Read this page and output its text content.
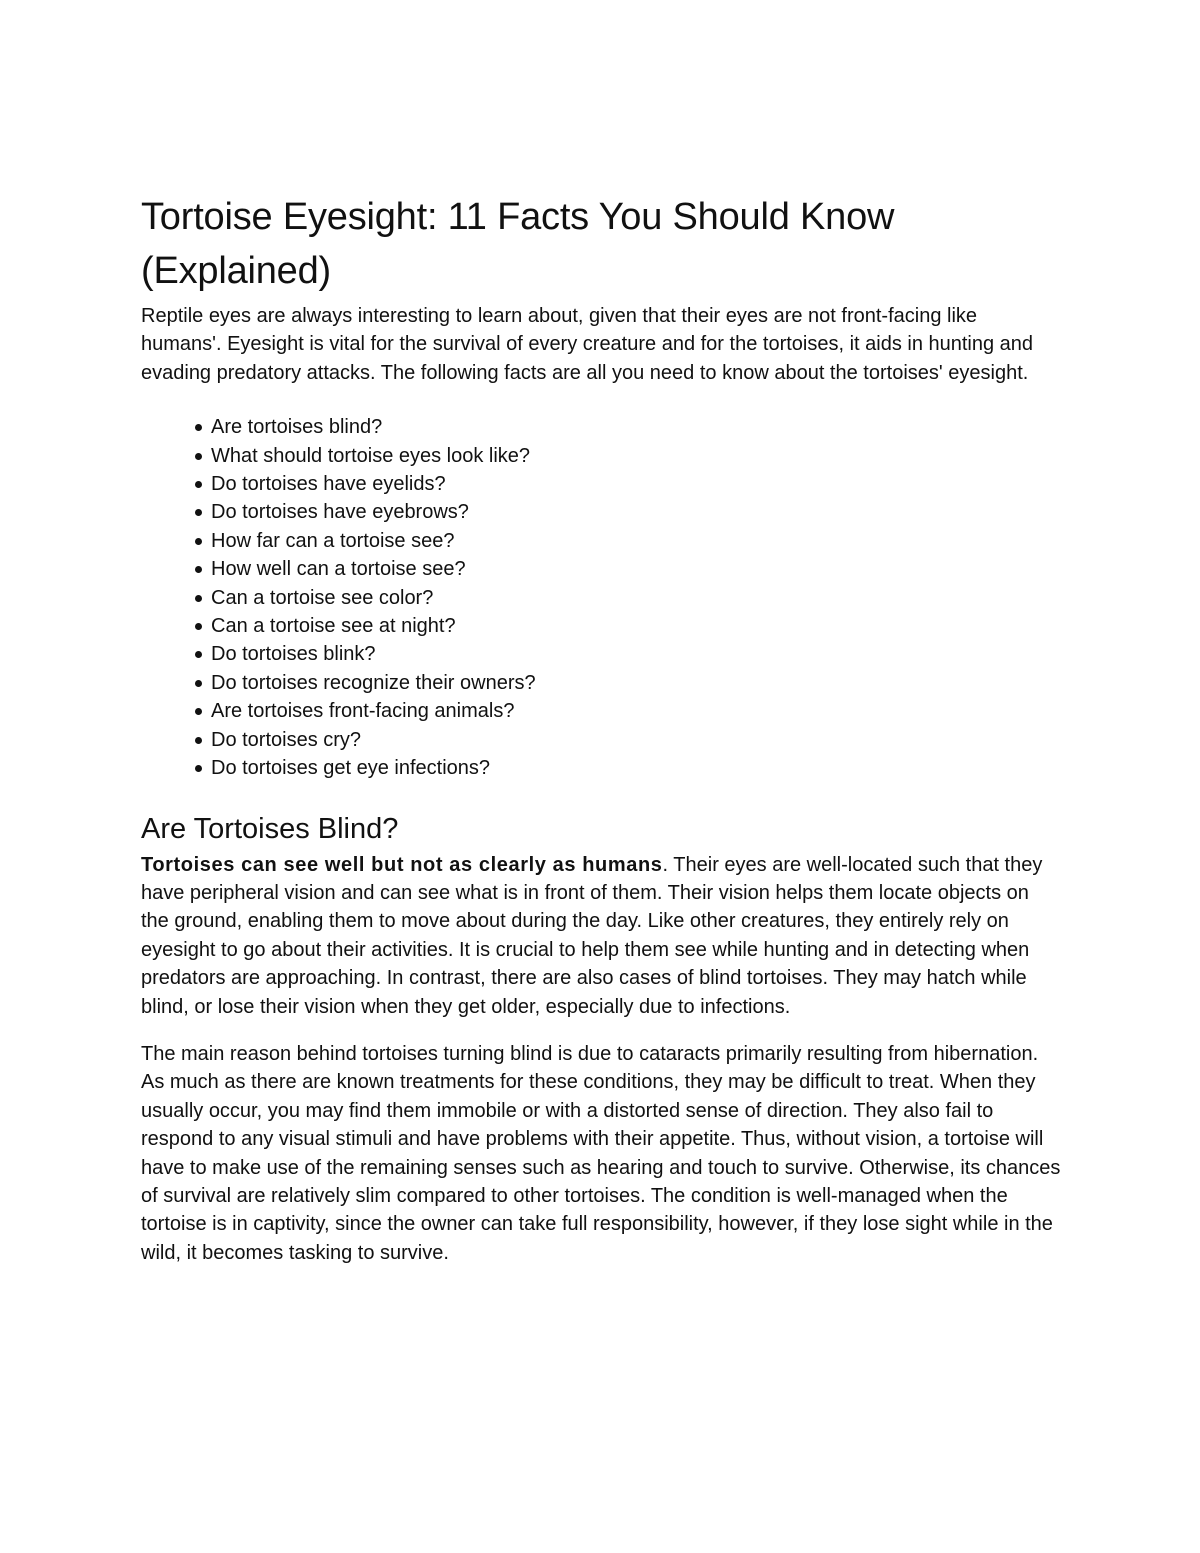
Tortoise Eyesight: 11 Facts You Should Know (Explained)

Reptile eyes are always interesting to learn about, given that their eyes are not front-facing like humans'. Eyesight is vital for the survival of every creature and for the tortoises, it aids in hunting and evading predatory attacks. The following facts are all you need to know about the tortoises' eyesight.

Are tortoises blind?
What should tortoise eyes look like?
Do tortoises have eyelids?
Do tortoises have eyebrows?
How far can a tortoise see?
How well can a tortoise see?
Can a tortoise see color?
Can a tortoise see at night?
Do tortoises blink?
Do tortoises recognize their owners?
Are tortoises front-facing animals?
Do tortoises cry?
Do tortoises get eye infections?
Are Tortoises Blind?

Tortoises can see well but not as clearly as humans. Their eyes are well-located such that they have peripheral vision and can see what is in front of them. Their vision helps them locate objects on the ground, enabling them to move about during the day. Like other creatures, they entirely rely on eyesight to go about their activities. It is crucial to help them see while hunting and in detecting when predators are approaching. In contrast, there are also cases of blind tortoises. They may hatch while blind, or lose their vision when they get older, especially due to infections.

The main reason behind tortoises turning blind is due to cataracts primarily resulting from hibernation. As much as there are known treatments for these conditions, they may be difficult to treat. When they usually occur, you may find them immobile or with a distorted sense of direction. They also fail to respond to any visual stimuli and have problems with their appetite. Thus, without vision, a tortoise will have to make use of the remaining senses such as hearing and touch to survive. Otherwise, its chances of survival are relatively slim compared to other tortoises. The condition is well-managed when the tortoise is in captivity, since the owner can take full responsibility, however, if they lose sight while in the wild, it becomes tasking to survive.
